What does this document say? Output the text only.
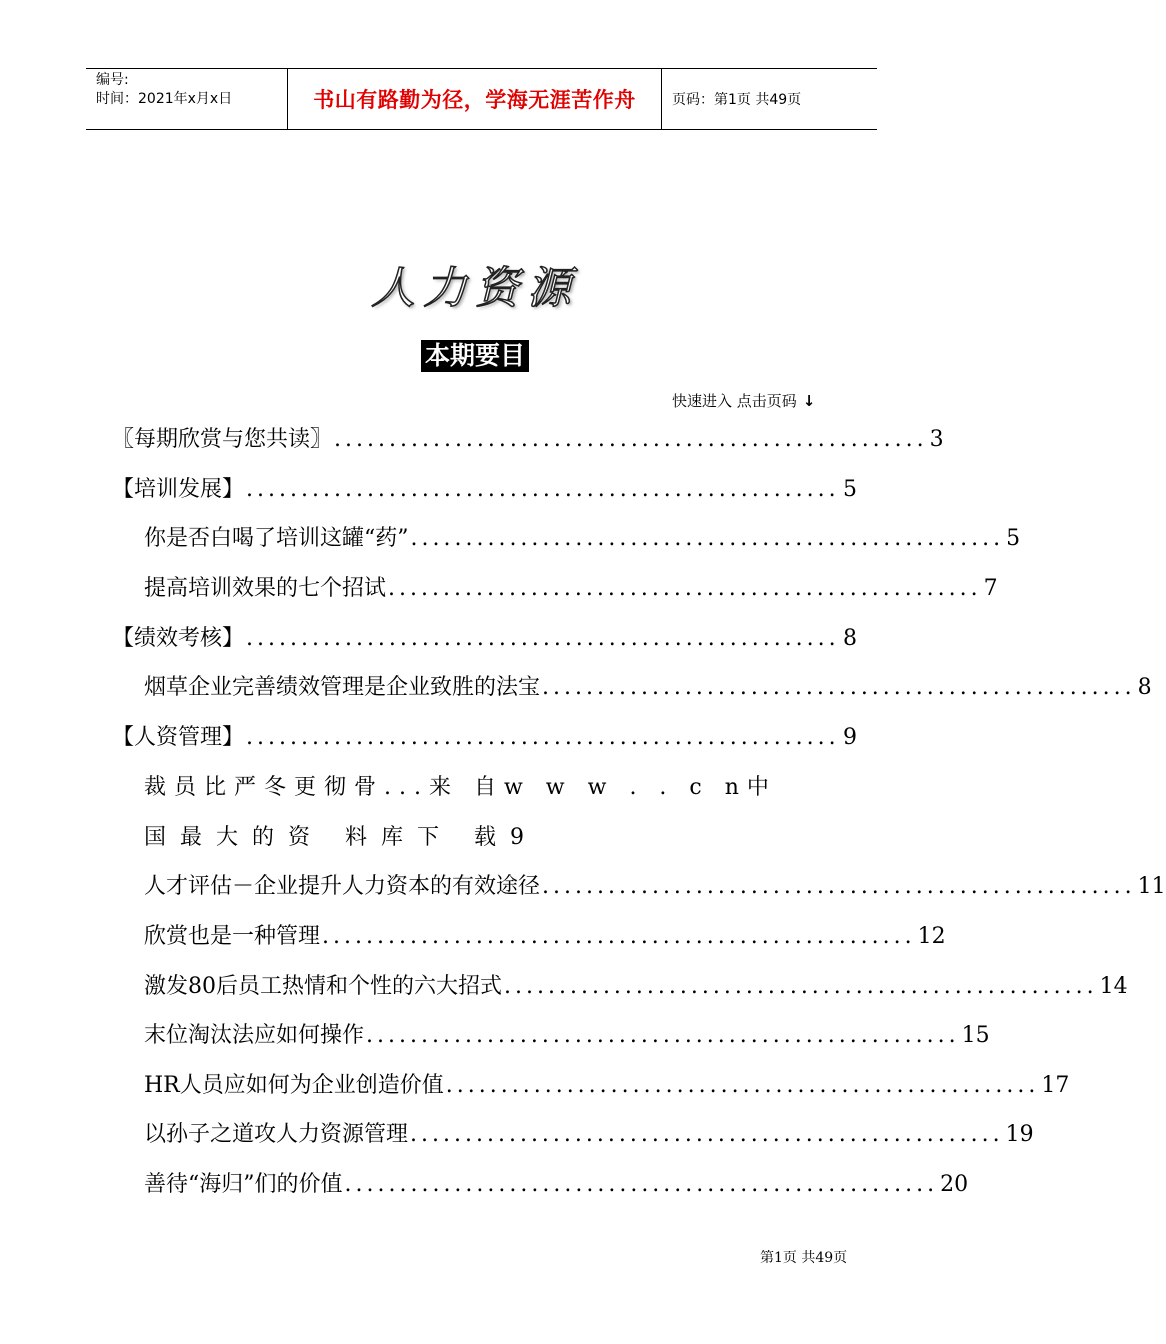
编号:
时间：2021年x月x日	书山有路勤为径，学海无涯苦作舟	页码：第1页 共49页
人力资源
本期要目
快速进入 点击页码 ↓
〖每期欣赏与您共读〗 ...................................................... 3
【培训发展】 ...................................................... 5
你是否白喝了培训这罐“药” ...................................................... 5
提高培训效果的七个招试 ...................................................... 7
【绩效考核】 ...................................................... 8
烟草企业完善绩效管理是企业致胜的法宝 ...................................................... 8
【人资管理】 ...................................................... 9
裁员比严冬更彻骨...来 自w w w . . c n中
国最大的资 料库下 载9
人才评估－企业提升人力资本的有效途径 ...................................................... 11
欣赏也是一种管理 ...................................................... 12
激发80后员工热情和个性的六大招式 ...................................................... 14
末位淘汰法应如何操作 ...................................................... 15
HR人员应如何为企业创造价值 ...................................................... 17
以孙子之道攻人力资源管理 ...................................................... 19
善待“海归”们的价值 ...................................................... 20
第1页 共49页
